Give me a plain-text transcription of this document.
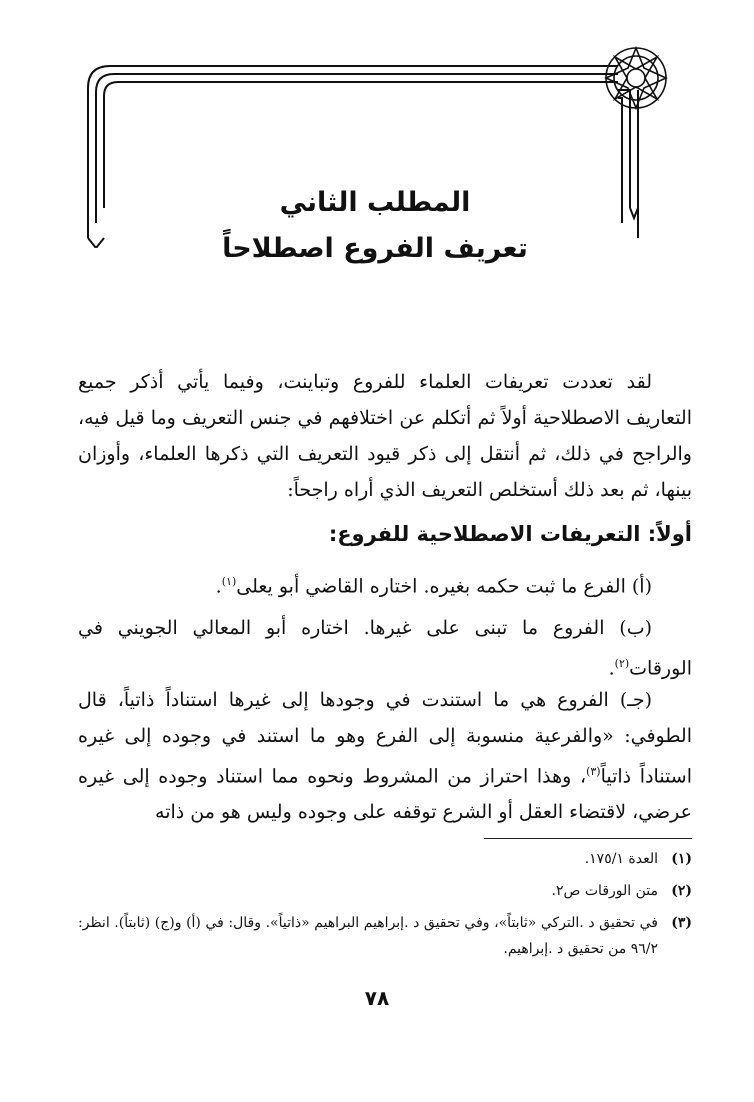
المطلب الثاني
تعريف الفروع اصطلاحاً

لقد تعددت تعريفات العلماء للفروع وتباينت، وفيما يأتي أذكر جميع التعاريف الاصطلاحية أولاً ثم أتكلم عن اختلافهم في جنس التعريف وما قيل فيه، والراجح في ذلك، ثم أنتقل إلى ذكر قيود التعريف التي ذكرها العلماء، وأوزان بينها، ثم بعد ذلك أستخلص التعريف الذي أراه راجحاً:

أولاً: التعريفات الاصطلاحية للفروع:

(أ) الفرع ما ثبت حكمه بغيره. اختاره القاضي أبو يعلى$^{(١)}$.

(ب) الفروع ما تبنى على غيرها. اختاره أبو المعالي الجويني في الورقات$^{(٢)}$.

(جـ) الفروع هي ما استندت في وجودها إلى غيرها استناداً ذاتياً، قال الطوفي: «والفرعية منسوبة إلى الفرع وهو ما استند في وجوده إلى غيره استناداً ذاتياً$^{(٣)}$، وهذا احتراز من المشروط ونحوه مما استناد وجوده إلى غيره عرضي، لاقتضاء العقل أو الشرع توقفه على وجوده وليس هو من ذاته

(١)
العدة ١٧٥/١.
(٢)
متن الورقات ص٢.
(٣)
في تحقيق د .التركي «ثابتاً»، وفي تحقيق د .إبراهيم البراهيم «ذاتياً». وقال: في (أ) و(ج) (ثابتاً). انظر: ٩٦/٢ من تحقيق د .إبراهيم.
٧٨
